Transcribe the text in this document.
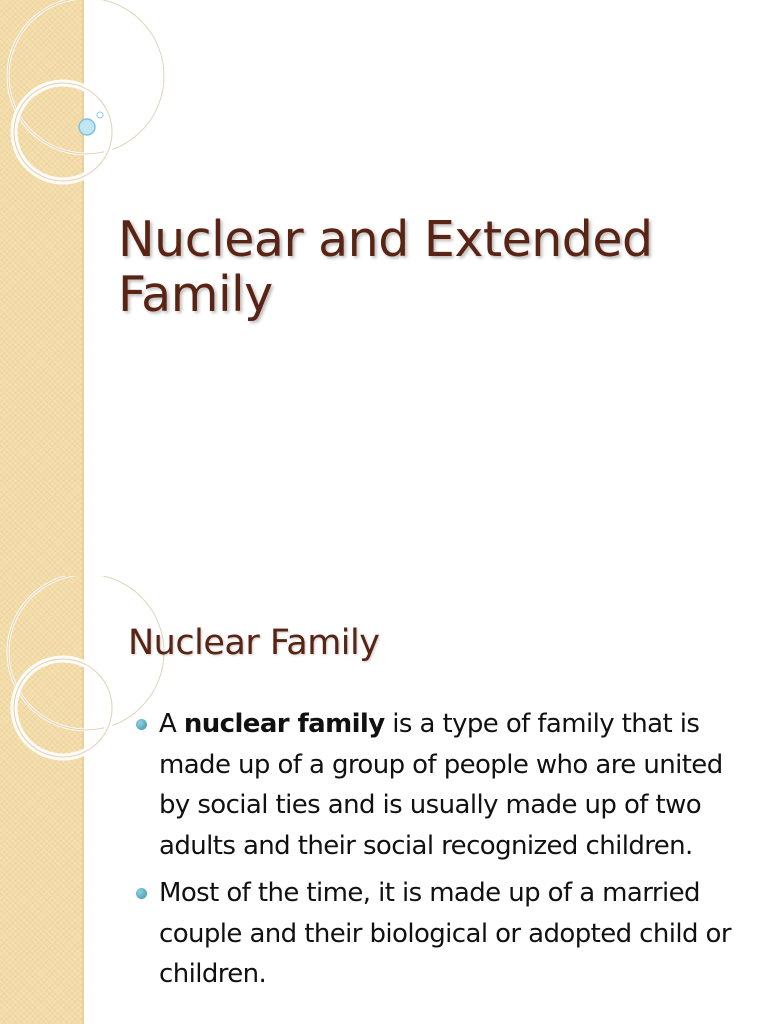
Nuclear and Extended Family
Nuclear Family
A nuclear family is a type of family that is made up of a group of people who are united by social ties and is usually made up of two adults and their social recognized children.
Most of the time, it is made up of a married couple and their biological or adopted child or children.
